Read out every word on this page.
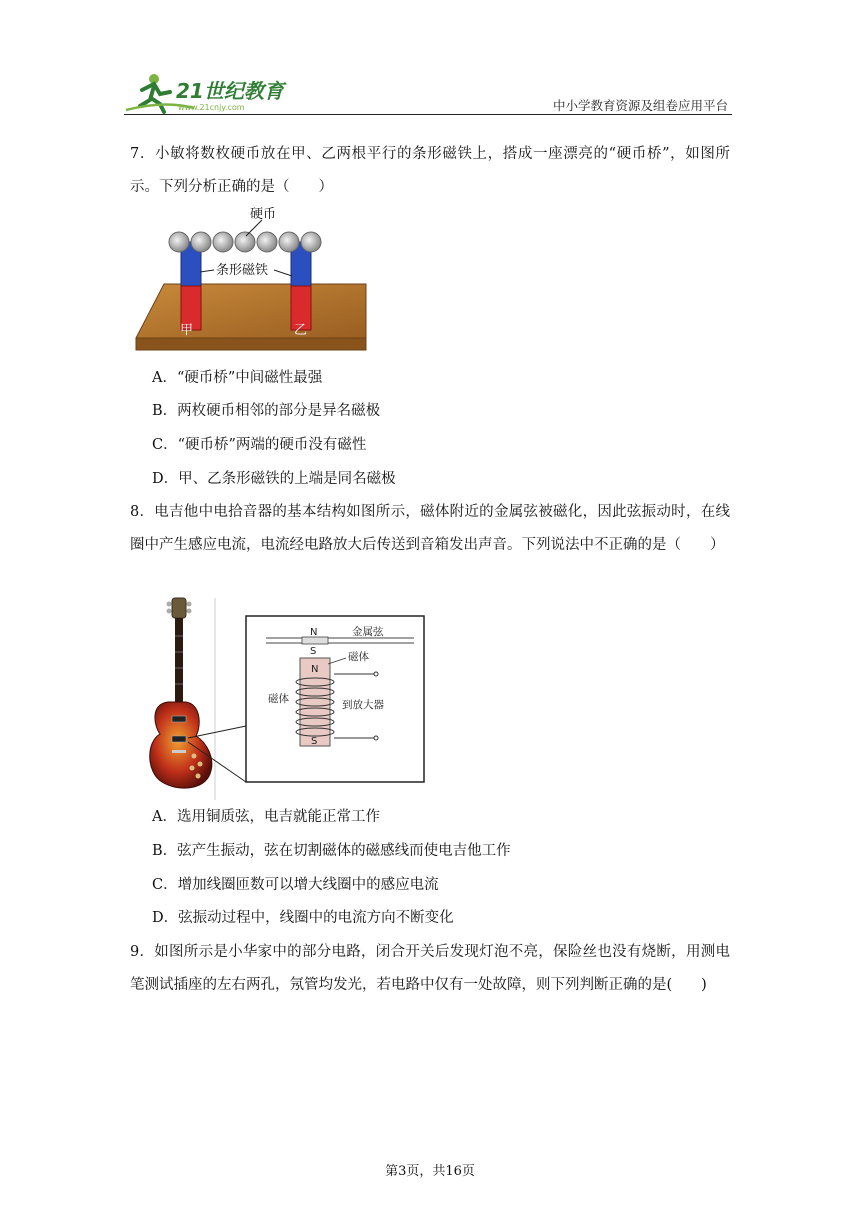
21世纪教育
www.21cnjy.com	中小学教育资源及组卷应用平台
7．小敏将数枚硬币放在甲、乙两根平行的条形磁铁上，搭成一座漂亮的“硬币桥”，如图所示。下列分析正确的是（　　）
硬币
条形磁铁
甲	乙
A．“硬币桥”中间磁性最强
B．两枚硬币相邻的部分是异名磁极
C．“硬币桥”两端的硬币没有磁性
D．甲、乙条形磁铁的上端是同名磁极
8．电吉他中电拾音器的基本结构如图所示，磁体附近的金属弦被磁化，因此弦振动时，在线圈中产生感应电流，电流经电路放大后传送到音箱发出声音。下列说法中不正确的是（　　）
N
S
金属弦
N
S
磁体
磁体	到放大器
A．选用铜质弦，电吉就能正常工作
B．弦产生振动，弦在切割磁体的磁感线而使电吉他工作
C．增加线圈匝数可以增大线圈中的感应电流
D．弦振动过程中，线圈中的电流方向不断变化
9．如图所示是小华家中的部分电路，闭合开关后发现灯泡不亮，保险丝也没有烧断，用测电笔测试插座的左右两孔，氖管均发光，若电路中仅有一处故障，则下列判断正确的是(　　)
第3页，共16页
